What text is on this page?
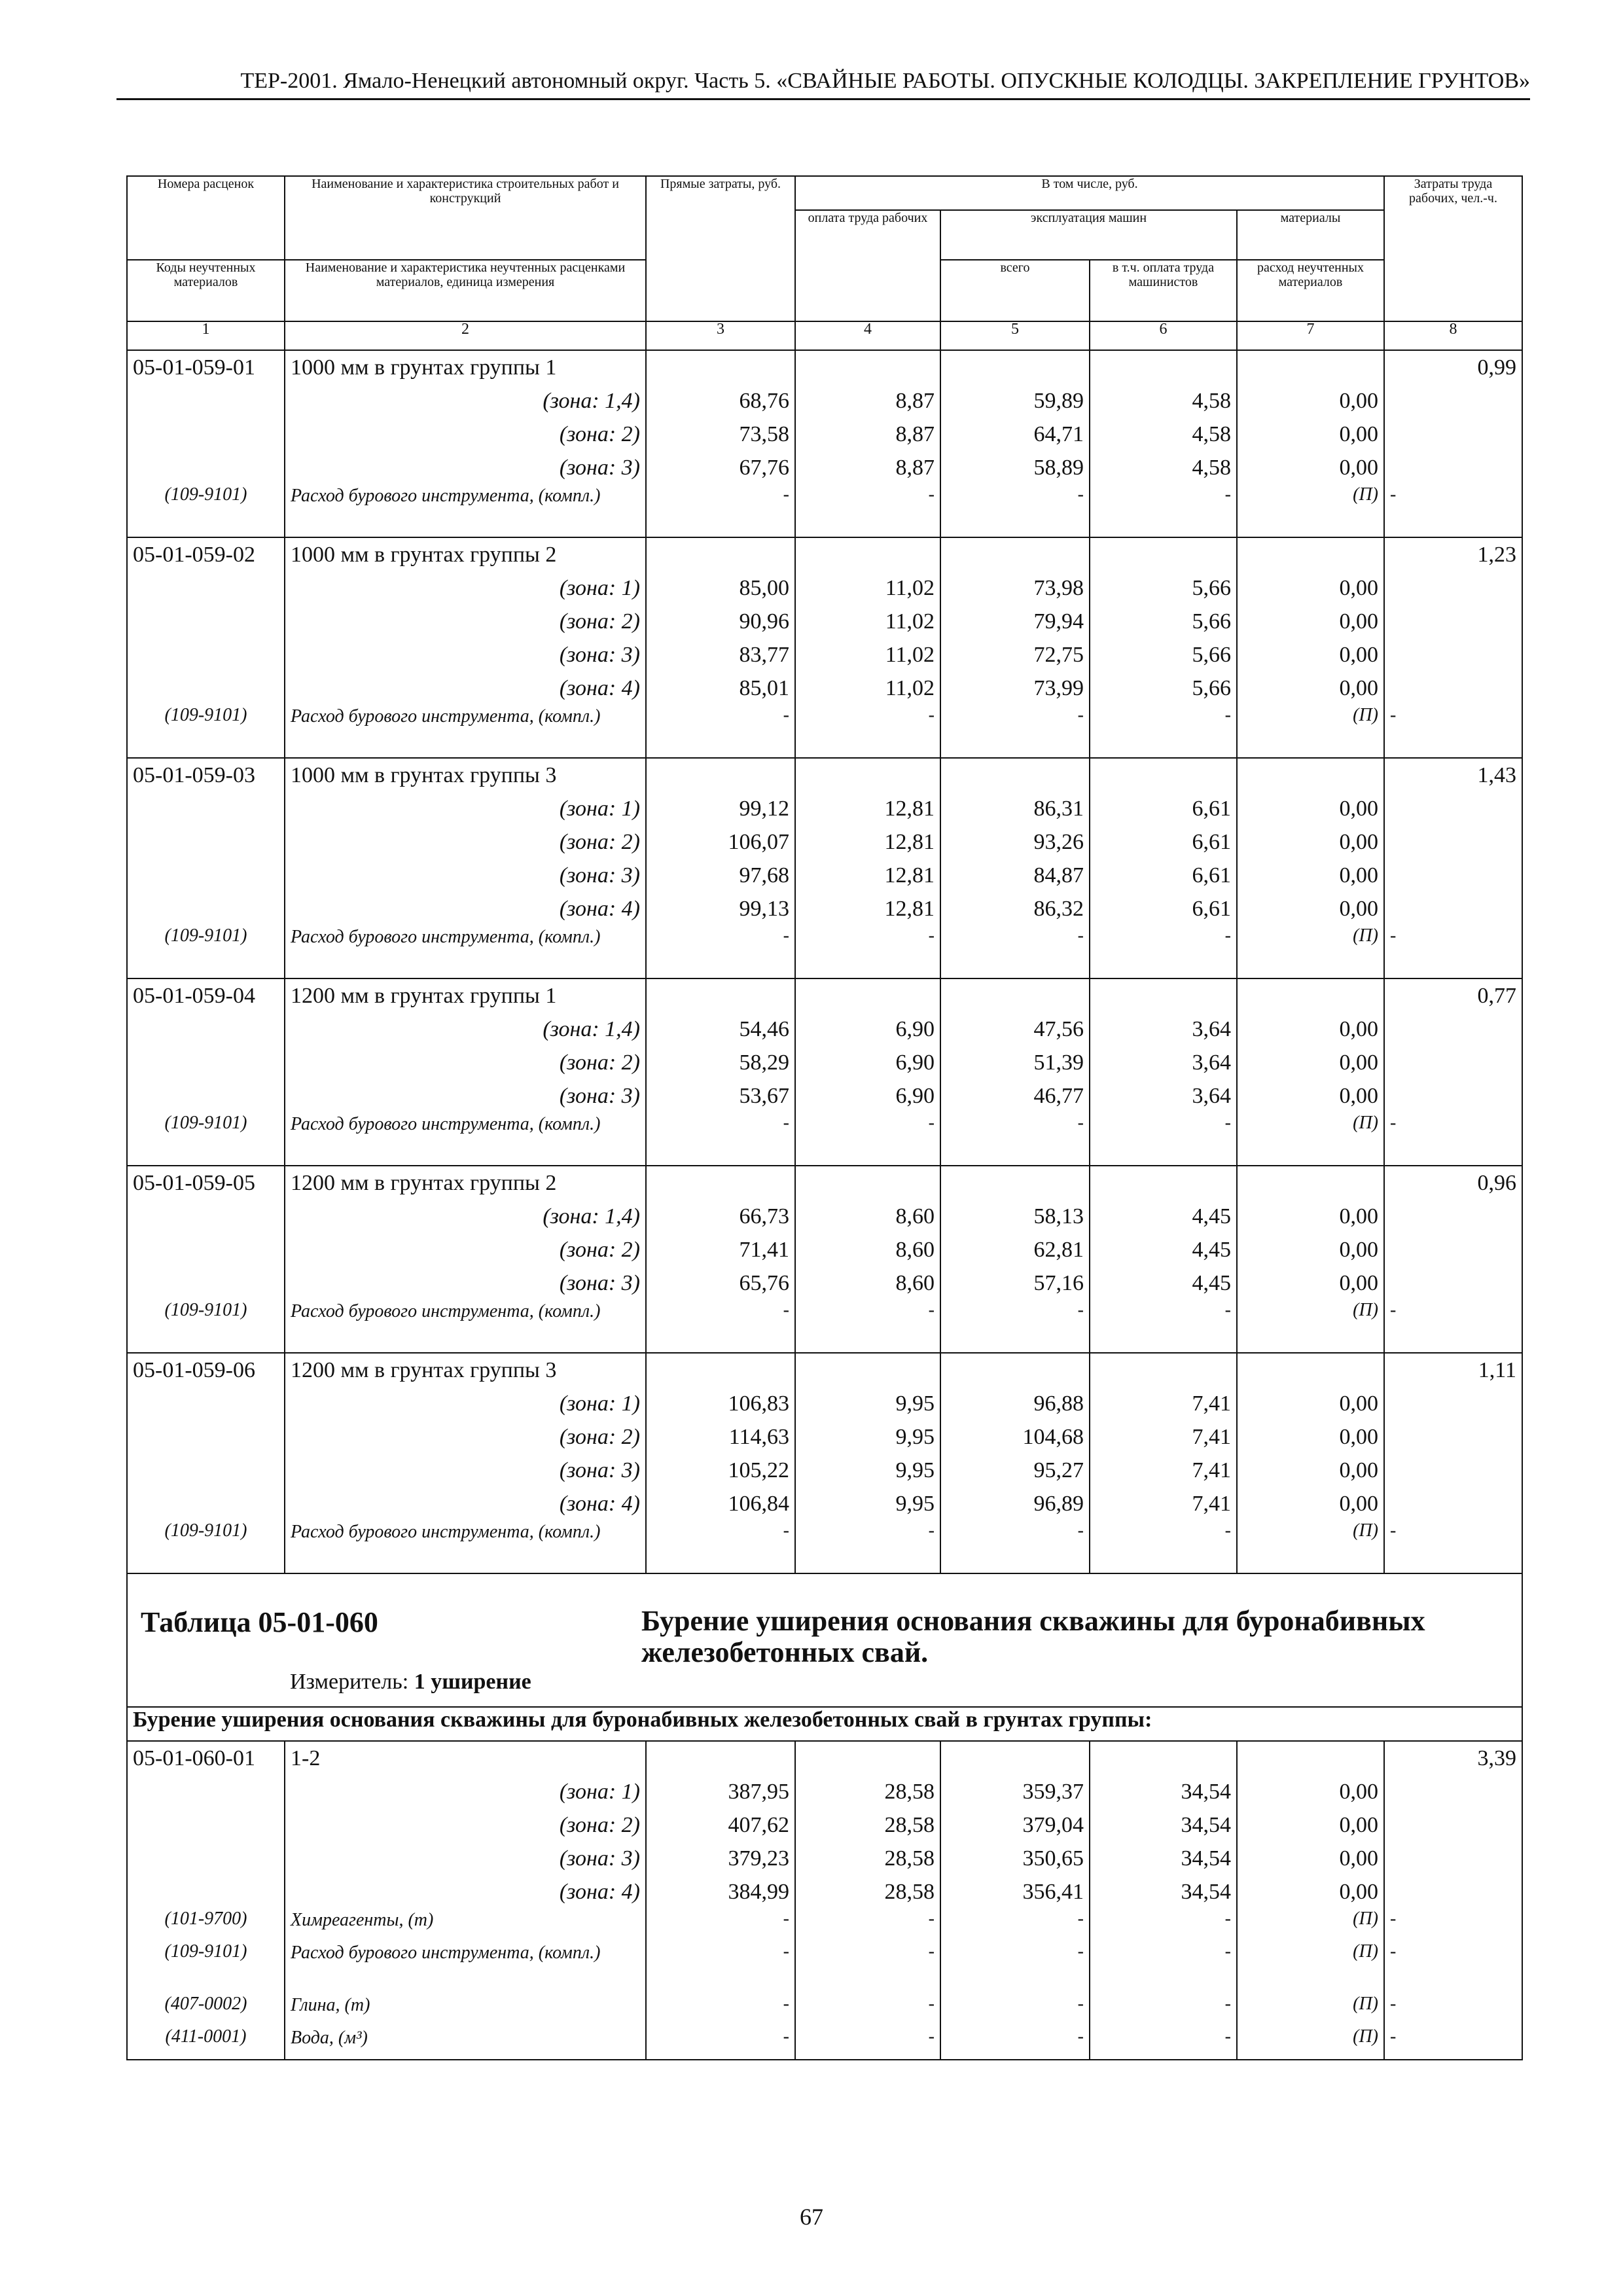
ТЕР-2001. Ямало-Ненецкий автономный округ. Часть 5. «СВАЙНЫЕ РАБОТЫ. ОПУСКНЫЕ КОЛОДЦЫ. ЗАКРЕПЛЕНИЕ ГРУНТОВ»
Номера расценок	Наименование и характеристика строительных работ и конструкций	Прямые затраты, руб.	В том числе, руб.				Затраты труда рабочих, чел.-ч.
			оплата труда рабочих	эксплуатация машин		материалы	
Коды неучтенных материалов	Наименование и характеристика неучтенных расценками материалов, единица измерения			всего	в т.ч. оплата труда машинистов	расход неучтенных материалов	
1	2	3	4	5	6	7	8
05-01-059-01	1000 мм в грунтах группы 1						0,99
	(зона: 1,4)	68,76	8,87	59,89	4,58	0,00	
	(зона: 2)	73,58	8,87	64,71	4,58	0,00	
	(зона: 3)	67,76	8,87	58,89	4,58	0,00	
(109-9101)	Расход бурового инструмента, (компл.)	-	-	-	-	(П)	-
05-01-059-02	1000 мм в грунтах группы 2						1,23
	(зона: 1)	85,00	11,02	73,98	5,66	0,00	
	(зона: 2)	90,96	11,02	79,94	5,66	0,00	
	(зона: 3)	83,77	11,02	72,75	5,66	0,00	
	(зона: 4)	85,01	11,02	73,99	5,66	0,00	
(109-9101)	Расход бурового инструмента, (компл.)	-	-	-	-	(П)	-
05-01-059-03	1000 мм в грунтах группы 3						1,43
	(зона: 1)	99,12	12,81	86,31	6,61	0,00	
	(зона: 2)	106,07	12,81	93,26	6,61	0,00	
	(зона: 3)	97,68	12,81	84,87	6,61	0,00	
	(зона: 4)	99,13	12,81	86,32	6,61	0,00	
(109-9101)	Расход бурового инструмента, (компл.)	-	-	-	-	(П)	-
05-01-059-04	1200 мм в грунтах группы 1						0,77
	(зона: 1,4)	54,46	6,90	47,56	3,64	0,00	
	(зона: 2)	58,29	6,90	51,39	3,64	0,00	
	(зона: 3)	53,67	6,90	46,77	3,64	0,00	
(109-9101)	Расход бурового инструмента, (компл.)	-	-	-	-	(П)	-
05-01-059-05	1200 мм в грунтах группы 2						0,96
	(зона: 1,4)	66,73	8,60	58,13	4,45	0,00	
	(зона: 2)	71,41	8,60	62,81	4,45	0,00	
	(зона: 3)	65,76	8,60	57,16	4,45	0,00	
(109-9101)	Расход бурового инструмента, (компл.)	-	-	-	-	(П)	-
05-01-059-06	1200 мм в грунтах группы 3						1,11
	(зона: 1)	106,83	9,95	96,88	7,41	0,00	
	(зона: 2)	114,63	9,95	104,68	7,41	0,00	
	(зона: 3)	105,22	9,95	95,27	7,41	0,00	
	(зона: 4)	106,84	9,95	96,89	7,41	0,00	
(109-9101)	Расход бурового инструмента, (компл.)	-	-	-	-	(П)	-

Таблица 05-01-060 Бурение уширения основания скважины для буронабивных железобетонных свай.
Измеритель: 1 уширение							

Бурение уширения основания скважины для буронабивных железобетонных свай в грунтах группы:							
05-01-060-01	1-2						3,39
	(зона: 1)	387,95	28,58	359,37	34,54	0,00	
	(зона: 2)	407,62	28,58	379,04	34,54	0,00	
	(зона: 3)	379,23	28,58	350,65	34,54	0,00	
	(зона: 4)	384,99	28,58	356,41	34,54	0,00	
(101-9700)	Химреагенты, (т)	-	-	-	-	(П)	-
(109-9101)	Расход бурового инструмента, (компл.)	-	-	-	-	(П)	-
(407-0002)	Глина, (т)	-	-	-	-	(П)	-
(411-0001)	Вода, (м³)	-	-	-	-	(П)	-
67
